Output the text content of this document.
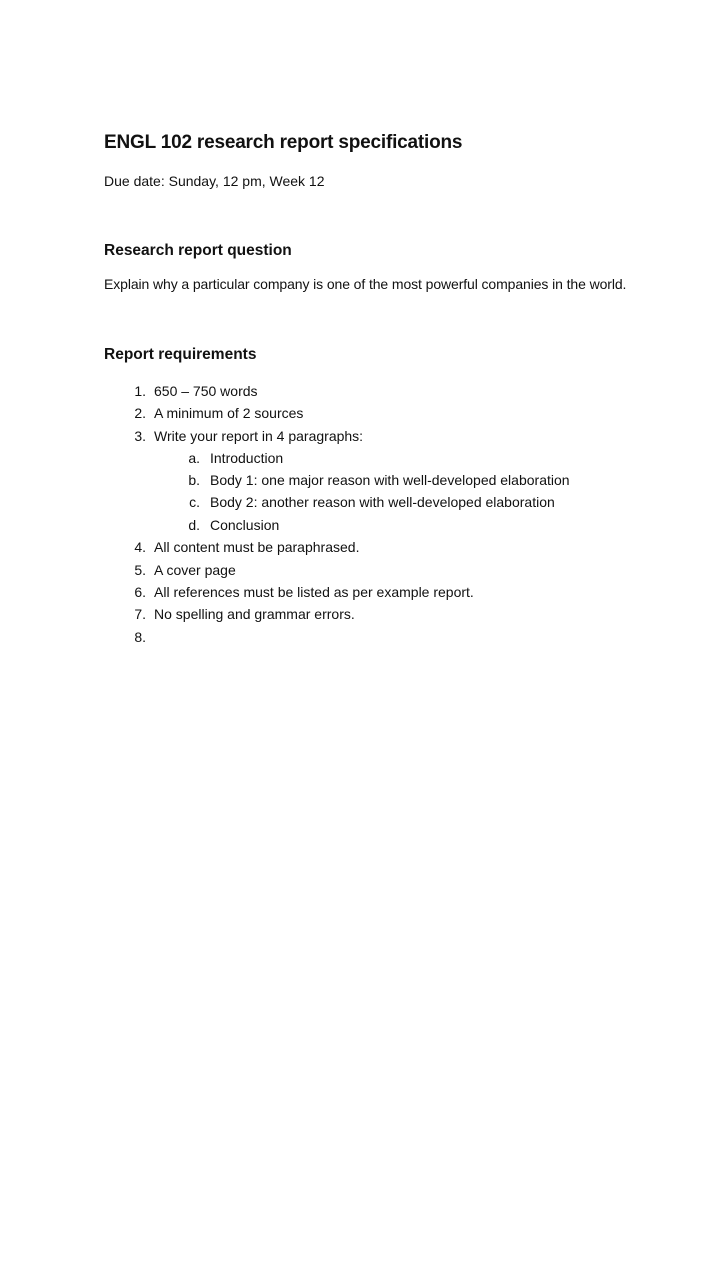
ENGL 102 research report specifications
Due date: Sunday, 12 pm, Week 12
Research report question
Explain why a particular company is one of the most powerful companies in the world.
Report requirements
1. 650 – 750 words
2. A minimum of 2 sources
3. Write your report in 4 paragraphs:
a. Introduction
b. Body 1: one major reason with well-developed elaboration
c. Body 2: another reason with well-developed elaboration
d. Conclusion
4. All content must be paraphrased.
5. A cover page
6. All references must be listed as per example report.
7. No spelling and grammar errors.
8.
